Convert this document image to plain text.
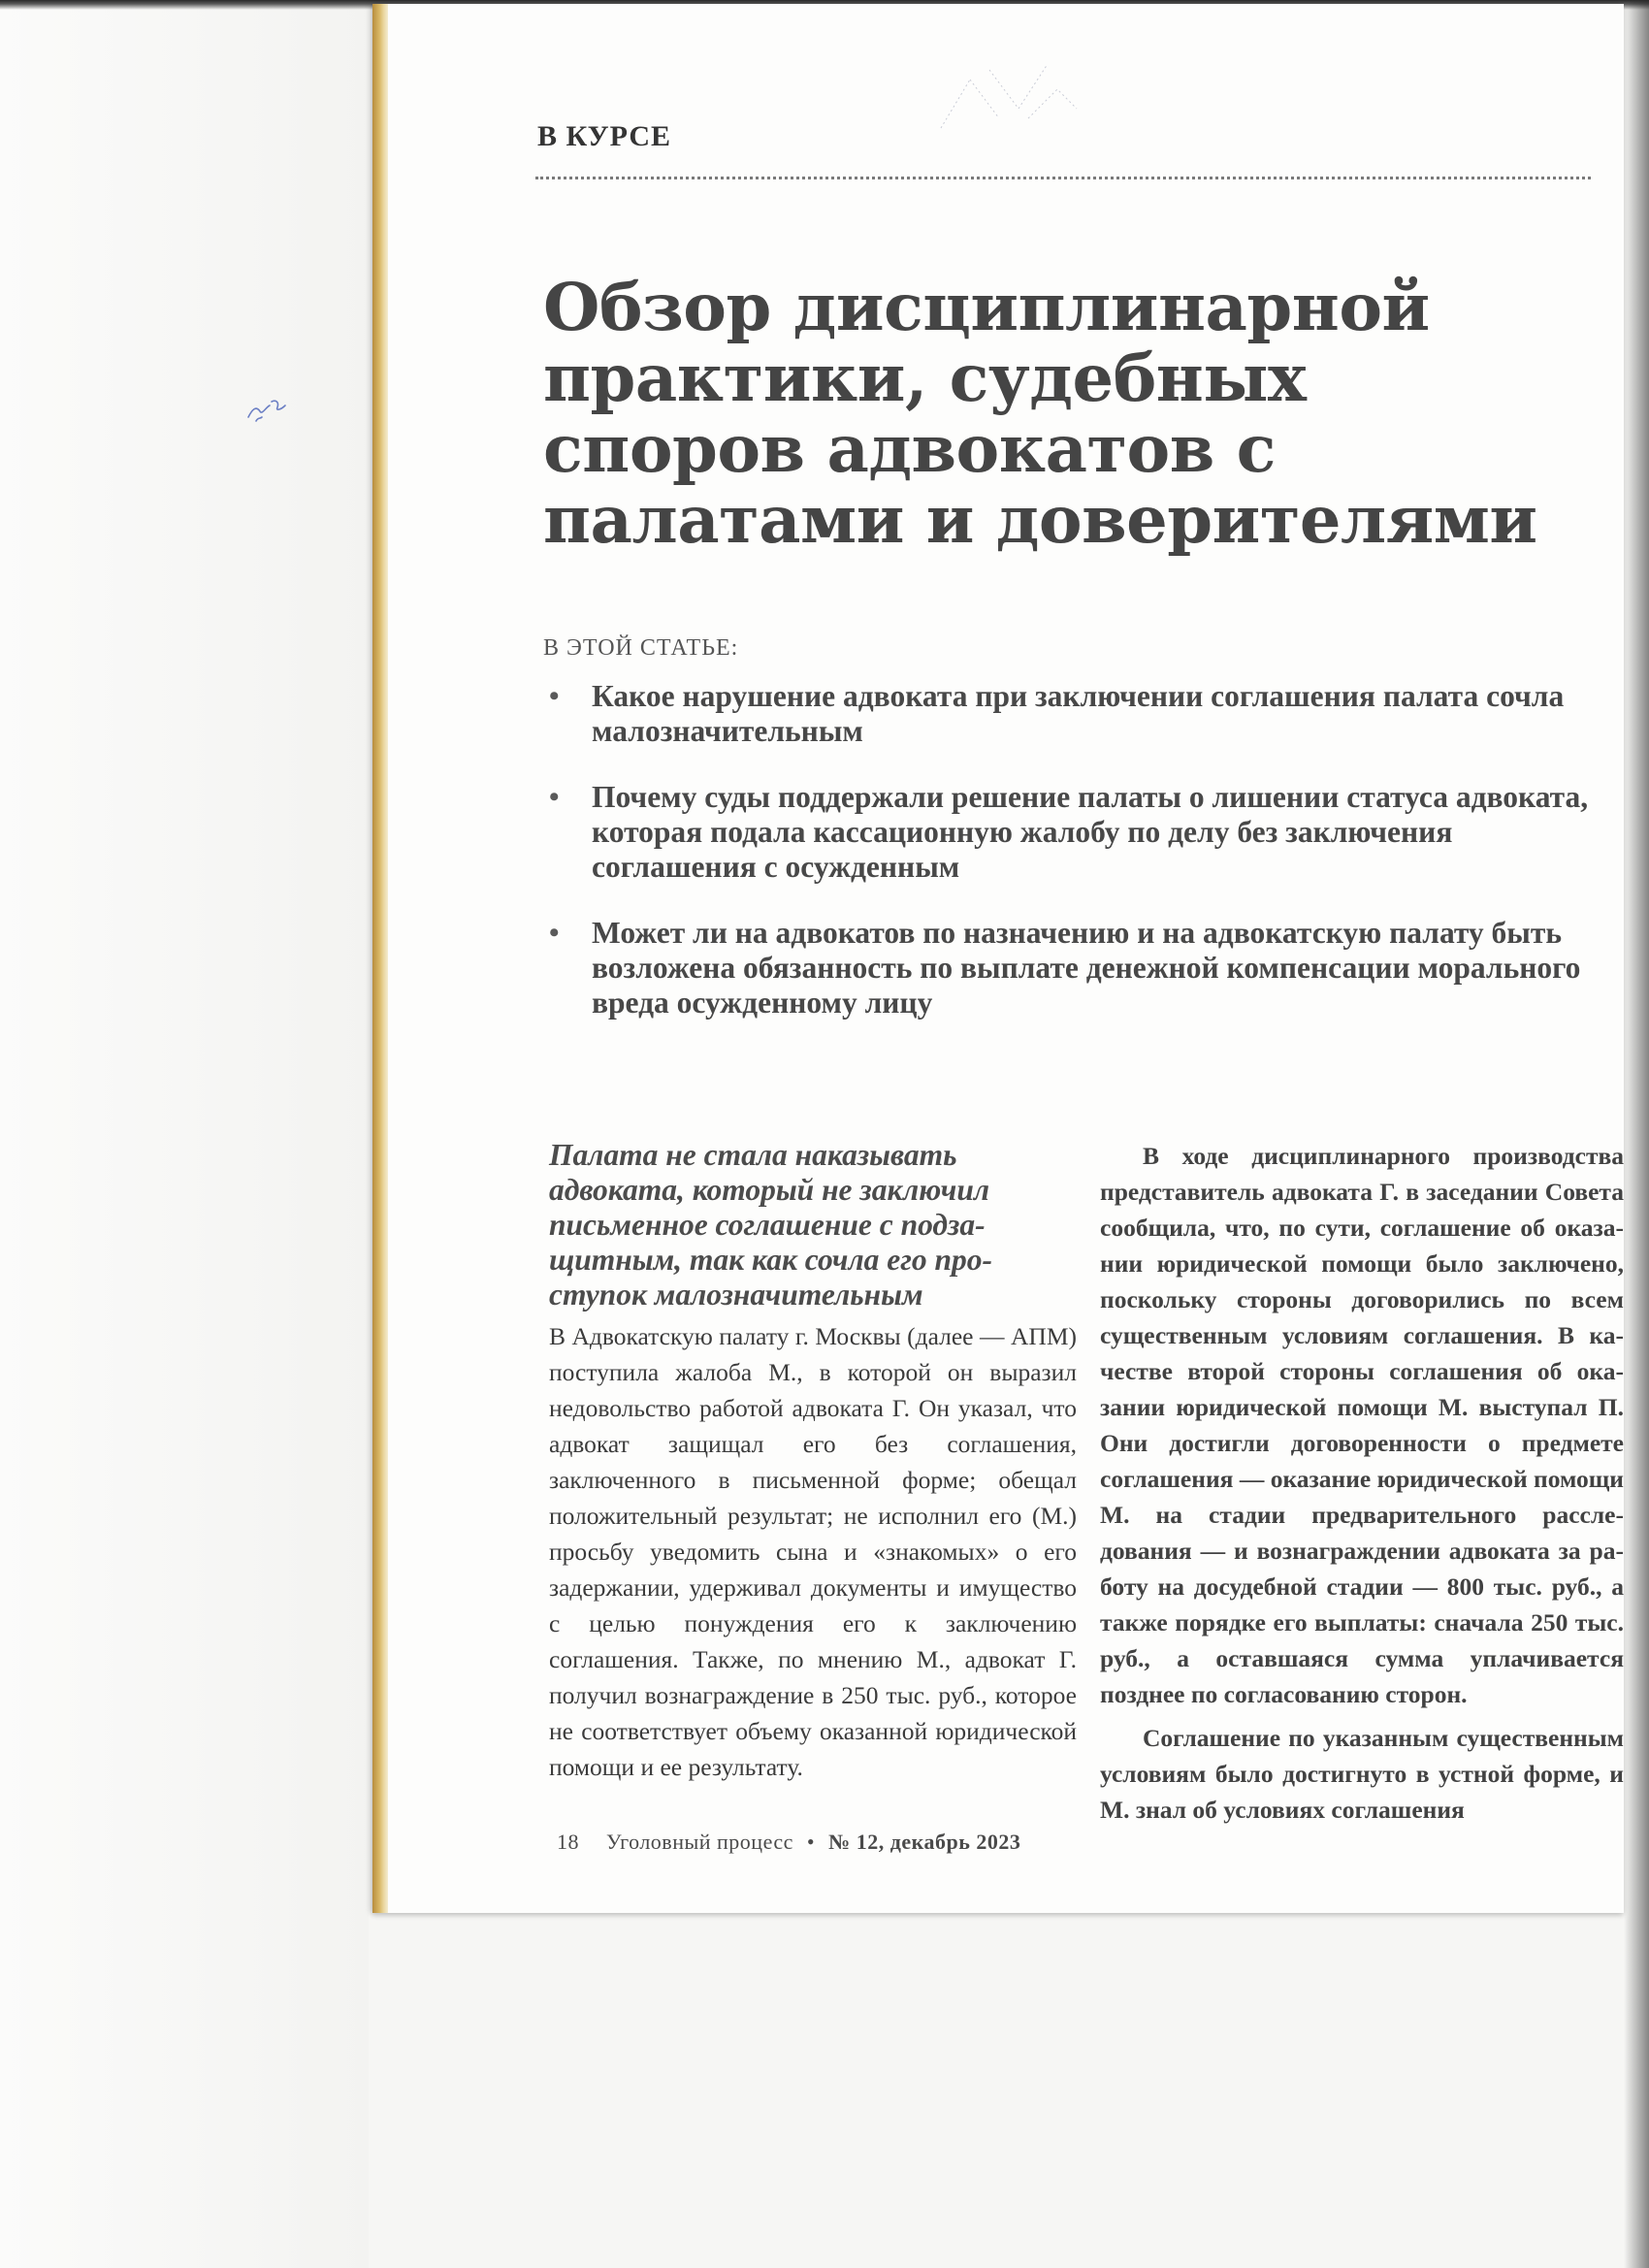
В КУРСЕ
Обзор дисциплинарной практики, судебных споров адвокатов с палатами и доверителями
В ЭТОЙ СТАТЬЕ:
• Какое нарушение адвоката при заключении соглашения палата сочла малозначительным
• Почему суды поддержали решение палаты о лишении статуса адвоката, которая подала кассационную жалобу по делу без заключения соглашения с осужденным
• Может ли на адвокатов по назначению и на адвокатскую палату быть возложена обязанность по выплате денежной компенсации морального вреда осужденному лицу
Палата не стала наказывать адвоката, который не заключил письменное соглашение с подзащитным, так как сочла его проступок малозначительным

В Адвокатскую палату г. Москвы (далее — АПМ) поступила жалоба М., в которой он выразил недовольство работой адвоката Г. Он указал, что адвокат защищал его без соглашения, заключенного в письменной форме; обещал положительный результат; не исполнил его (М.) просьбу уведомить сына и «знакомых» о его задержании, удерживал документы и имущество с целью понуждения его к заключению соглашения. Также, по мнению М., адвокат Г. получил вознаграждение в 250 тыс. руб., которое не соответствует объему оказанной юридической помощи и ее результату.

В ходе дисциплинарного производства представитель адвоката Г. в заседании Совета сообщила, что, по сути, соглашение об оказании юридической помощи было заключено, поскольку стороны договорились по всем существенным условиям соглашения. В качестве второй стороны соглашения об оказании юридической помощи М. выступал П. Они достигли договоренности о предмете соглашения — оказание юридической помощи М. на стадии предварительного расследования — и вознаграждении адвоката за работу на досудебной стадии — 800 тыс. руб., а также порядке его выплаты: сначала 250 тыс. руб., а оставшаяся сумма уплачивается позднее по согласованию сторон.

Соглашение по указанным существенным условиям было достигнуто в устной форме, и М. знал об условиях соглашения

18 Уголовный процесс • № 12, декабрь 2023
